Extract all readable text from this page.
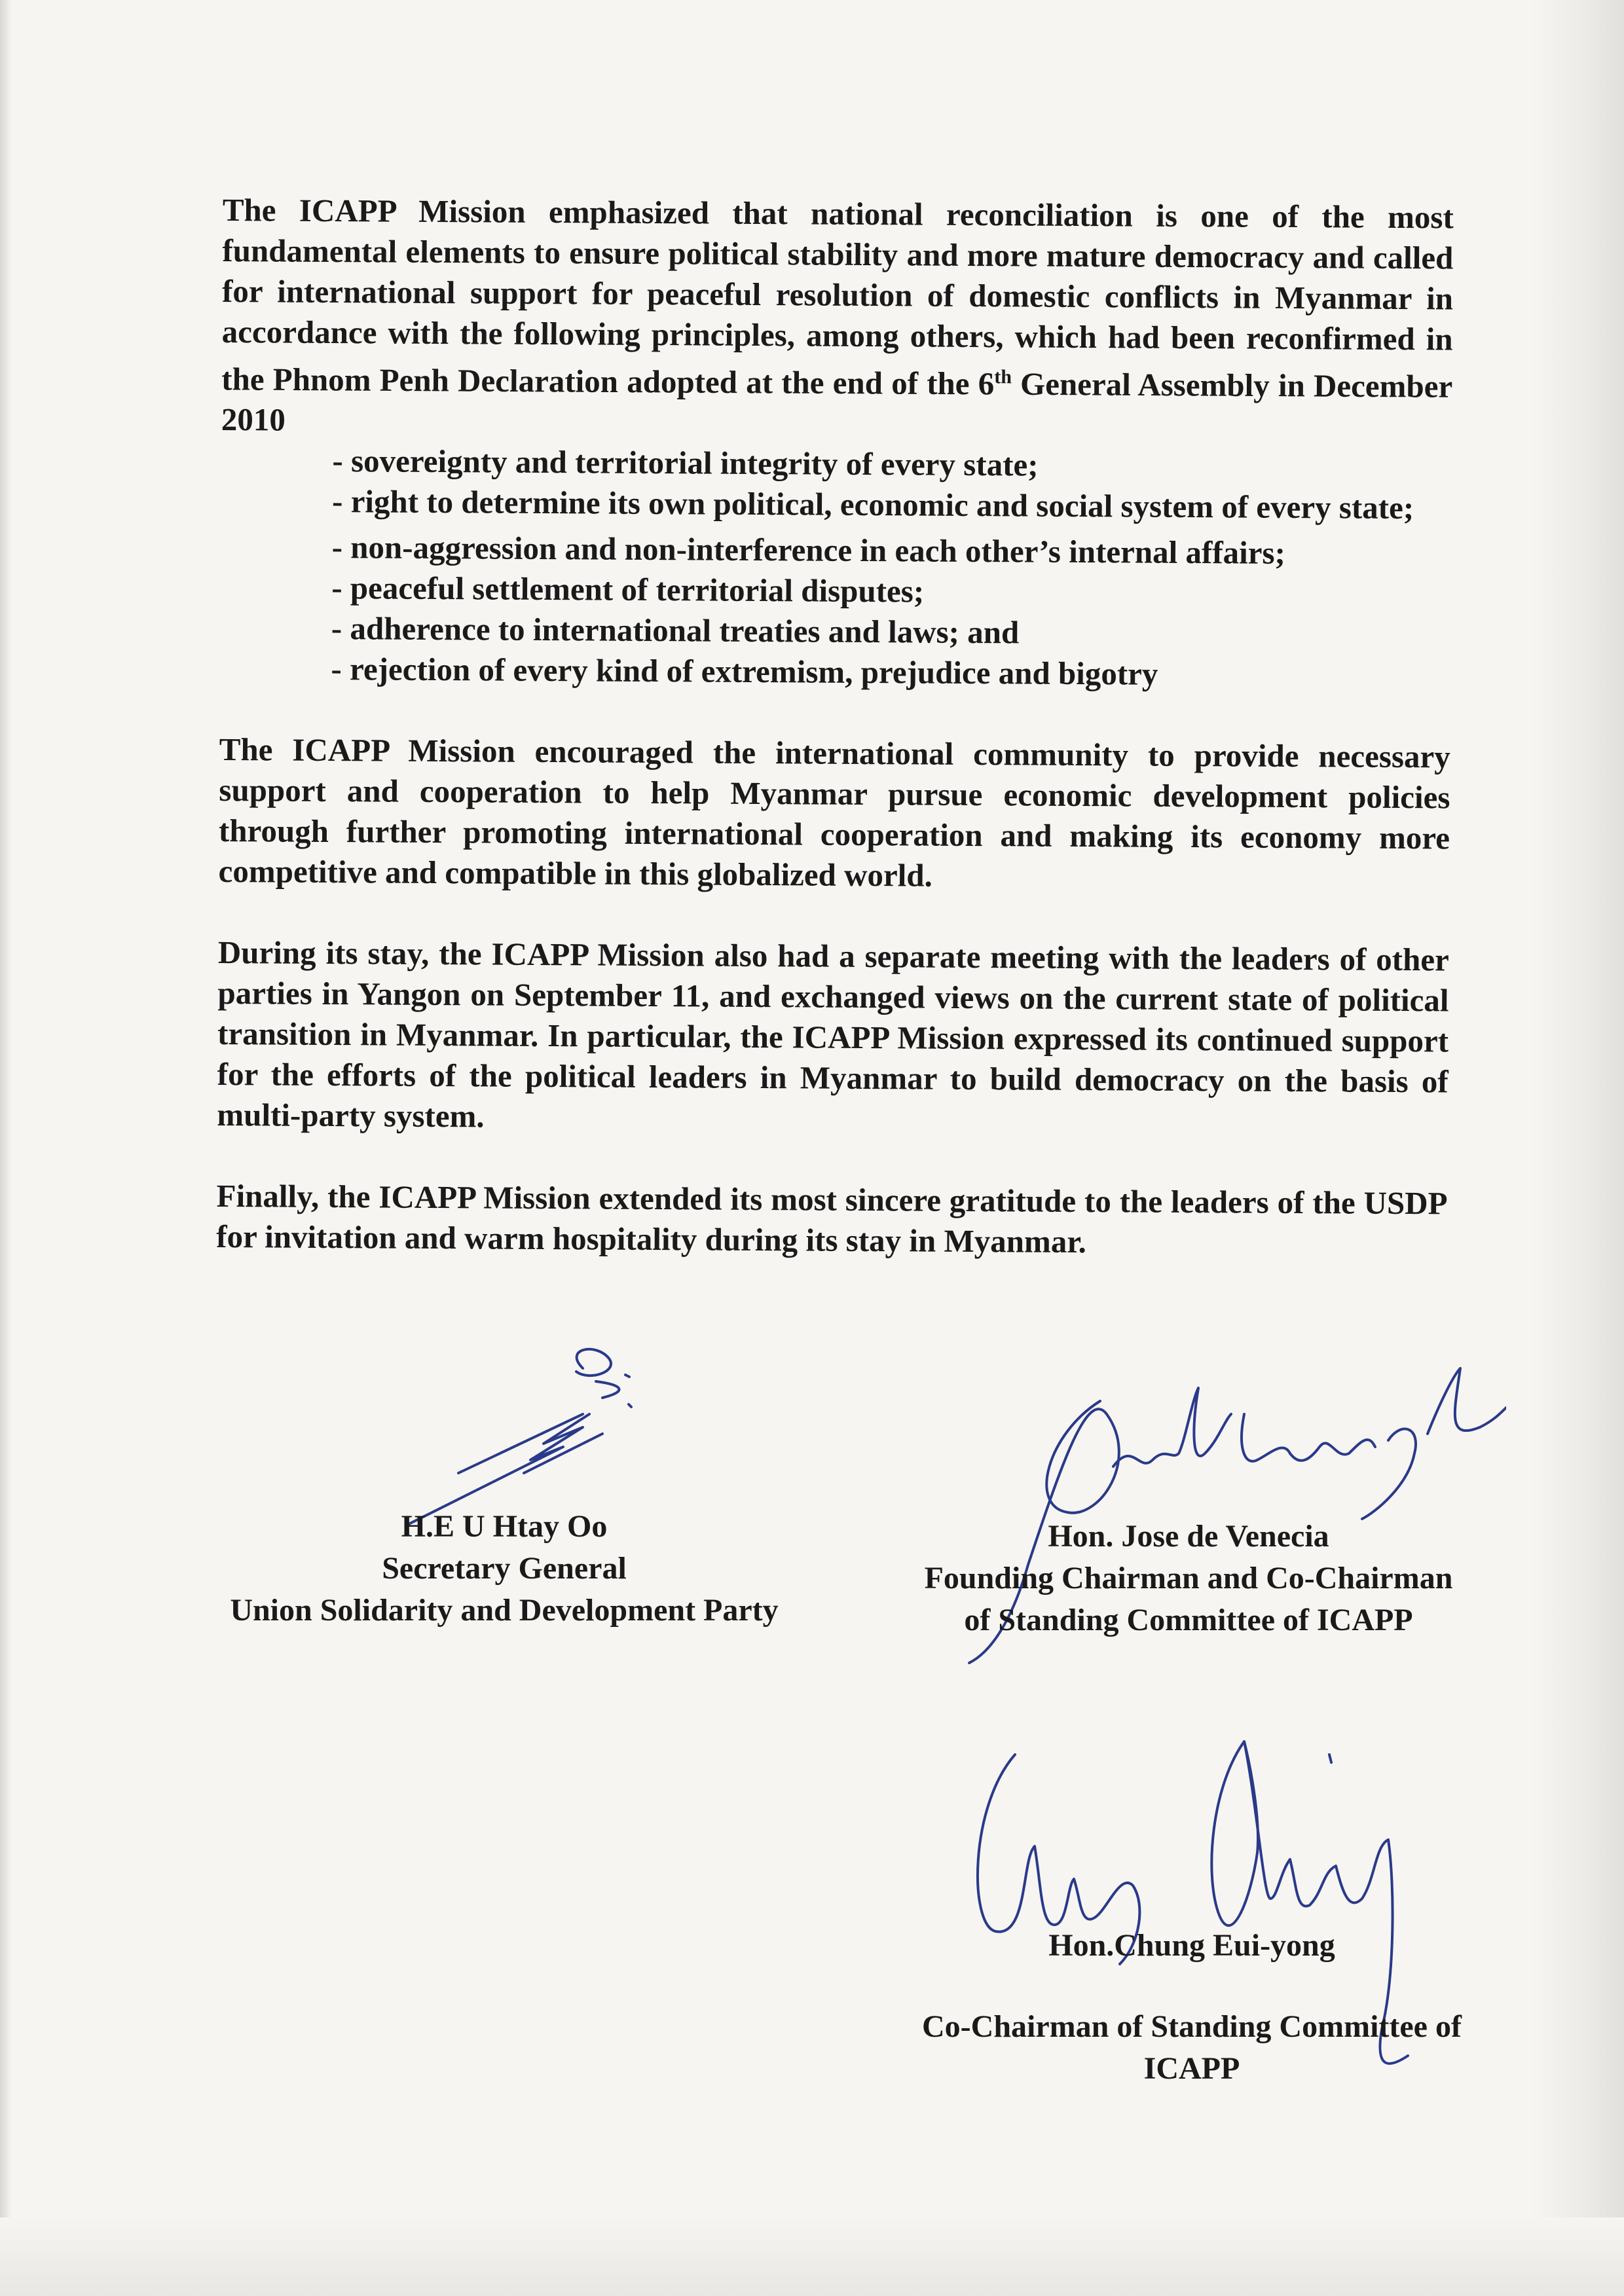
The ICAPP Mission emphasized that national reconciliation is one of the most fundamental elements to ensure political stability and more mature democracy and called for international support for peaceful resolution of domestic conflicts in Myanmar in accordance with the following principles, among others, which had been reconfirmed in the Phnom Penh Declaration adopted at the end of the 6th General Assembly in December 2010

- sovereignty and territorial integrity of every state;
- right to determine its own political, economic and social system of every state;
- non-aggression and non-interference in each other’s internal affairs;
- peaceful settlement of territorial disputes;
- adherence to international treaties and laws; and
- rejection of every kind of extremism, prejudice and bigotry

The ICAPP Mission encouraged the international community to provide necessary support and cooperation to help Myanmar pursue economic development policies through further promoting international cooperation and making its economy more competitive and compatible in this globalized world.

During its stay, the ICAPP Mission also had a separate meeting with the leaders of other parties in Yangon on September 11, and exchanged views on the current state of political transition in Myanmar. In particular, the ICAPP Mission expressed its continued support for the efforts of the political leaders in Myanmar to build democracy on the basis of multi-party system.

Finally, the ICAPP Mission extended its most sincere gratitude to the leaders of the USDP for invitation and warm hospitality during its stay in Myanmar.

H.E U Htay Oo
Secretary General
Union Solidarity and Development Party
Hon. Jose de Venecia
Founding Chairman and Co-Chairman
of Standing Committee of ICAPP
Hon.Chung Eui-yong
Co-Chairman of Standing Committee of
ICAPP
